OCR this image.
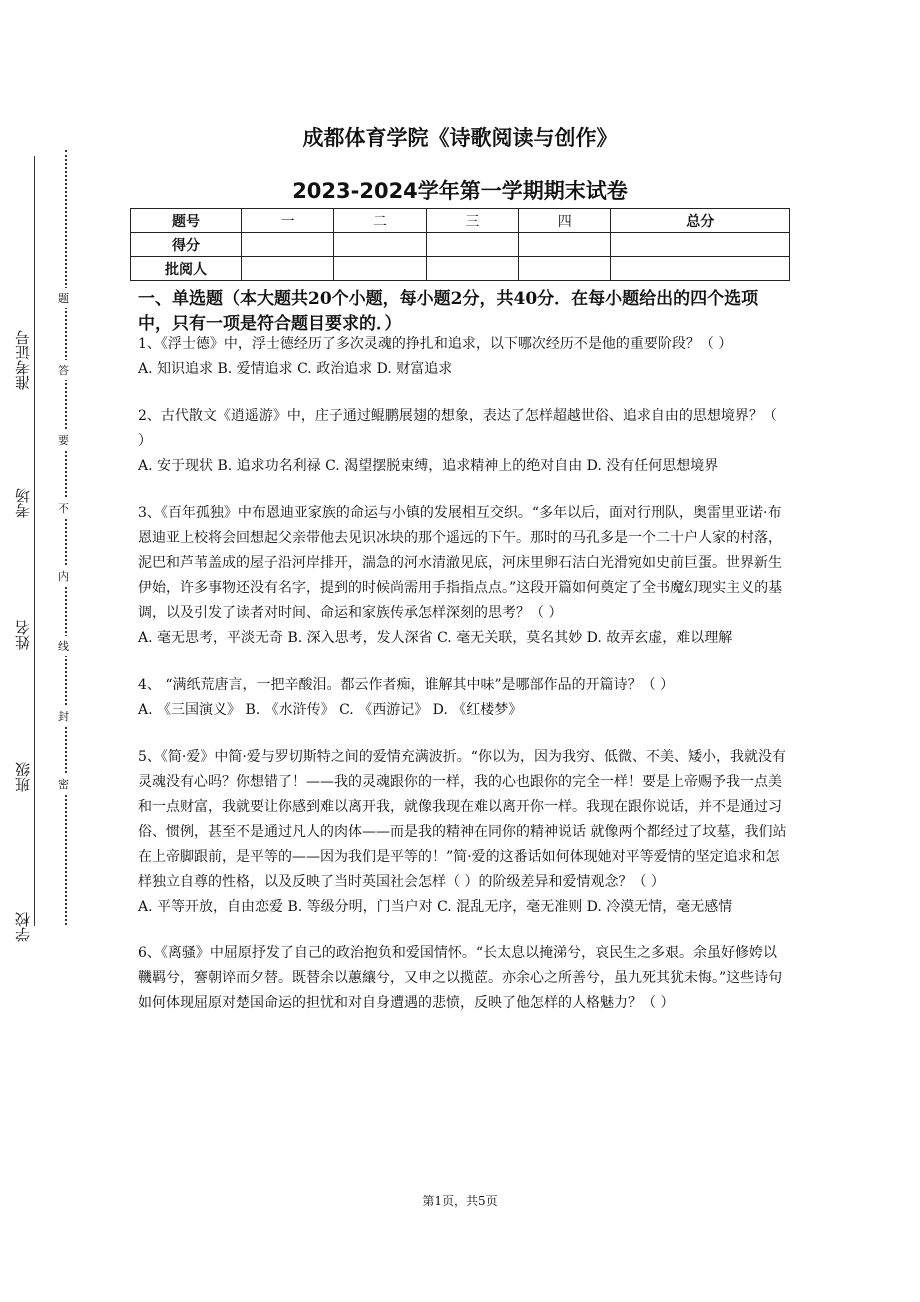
准考证号
考场
姓名
班级
学校
题
答
要
不
内
线
封
密
成都体育学院《诗歌阅读与创作》
2023-2024学年第一学期期末试卷
题号	一	二	三	四	总分
得分					
批阅人					
一、单选题（本大题共20个小题，每小题2分，共40分．在每小题给出的四个选项中，只有一项是符合题目要求的．）

1、《浮士德》中，浮士德经历了多次灵魂的挣扎和追求，以下哪次经历不是他的重要阶段？（ ）

A. 知识追求 B. 爱情追求 C. 政治追求 D. 财富追求

2、古代散文《逍遥游》中，庄子通过鲲鹏展翅的想象，表达了怎样超越世俗、追求自由的思想境界？（ ）

A. 安于现状 B. 追求功名利禄 C. 渴望摆脱束缚，追求精神上的绝对自由 D. 没有任何思想境界

3、《百年孤独》中布恩迪亚家族的命运与小镇的发展相互交织。“多年以后，面对行刑队，奥雷里亚诺·布恩迪亚上校将会回想起父亲带他去见识冰块的那个遥远的下午。那时的马孔多是一个二十户人家的村落，泥巴和芦苇盖成的屋子沿河岸排开，湍急的河水清澈见底，河床里卵石洁白光滑宛如史前巨蛋。世界新生伊始，许多事物还没有名字，提到的时候尚需用手指指点点。”这段开篇如何奠定了全书魔幻现实主义的基调，以及引发了读者对时间、命运和家族传承怎样深刻的思考？（ ）

A. 毫无思考，平淡无奇 B. 深入思考，发人深省 C. 毫无关联，莫名其妙 D. 故弄玄虚，难以理解

4、 “满纸荒唐言，一把辛酸泪。都云作者痴，谁解其中味”是哪部作品的开篇诗？（ ）

A. 《三国演义》 B. 《水浒传》 C. 《西游记》 D. 《红楼梦》

5、《简·爱》中简·爱与罗切斯特之间的爱情充满波折。“你以为，因为我穷、低微、不美、矮小，我就没有灵魂没有心吗？你想错了！——我的灵魂跟你的一样，我的心也跟你的完全一样！要是上帝赐予我一点美和一点财富，我就要让你感到难以离开我，就像我现在难以离开你一样。我现在跟你说话，并不是通过习俗、惯例，甚至不是通过凡人的肉体——而是我的精神在同你的精神说话 就像两个都经过了坟墓，我们站在上帝脚跟前，是平等的——因为我们是平等的！”简·爱的这番话如何体现她对平等爱情的坚定追求和怎样独立自尊的性格，以及反映了当时英国社会怎样（ ）的阶级差异和爱情观念？（ ）

A. 平等开放，自由恋爱 B. 等级分明，门当户对 C. 混乱无序，毫无准则 D. 冷漠无情，毫无感情

6、《离骚》中屈原抒发了自己的政治抱负和爱国情怀。“长太息以掩涕兮，哀民生之多艰。余虽好修姱以鞿羁兮，謇朝谇而夕替。既替余以蕙纕兮，又申之以揽茝。亦余心之所善兮，虽九死其犹未悔。”这些诗句如何体现屈原对楚国命运的担忧和对自身遭遇的悲愤，反映了他怎样的人格魅力？（ ）

第1页，共5页
